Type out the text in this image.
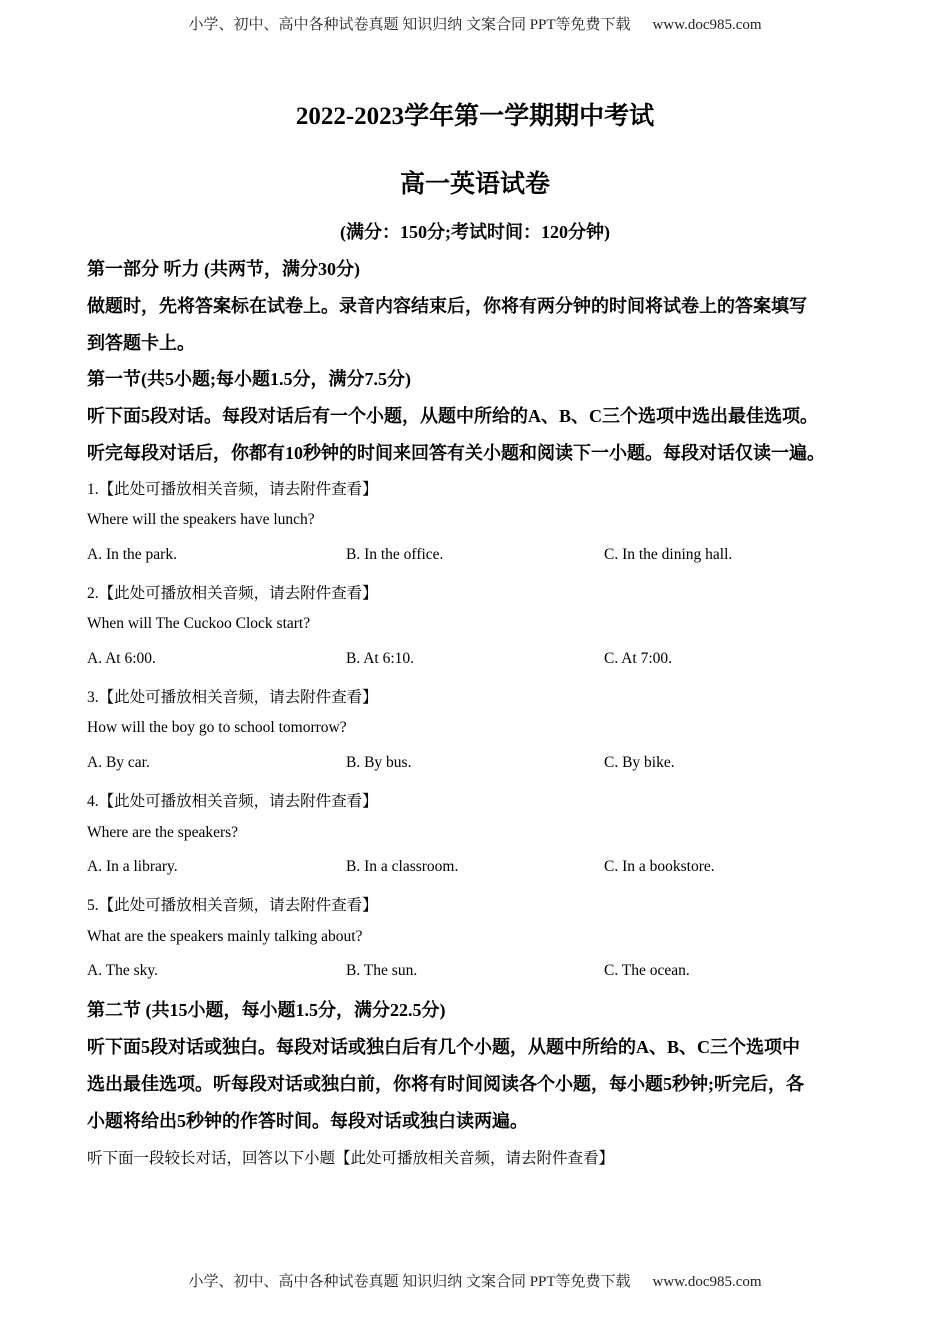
小学、初中、高中各种试卷真题 知识归纳 文案合同 PPT等免费下载 www.doc985.com
2022-2023学年第一学期期中考试
高一英语试卷
(满分：150分;考试时间：120分钟)
第一部分 听力 (共两节，满分30分)
做题时，先将答案标在试卷上。录音内容结束后，你将有两分钟的时间将试卷上的答案填写
到答题卡上。
第一节(共5小题;每小题1.5分，满分7.5分)
听下面5段对话。每段对话后有一个小题，从题中所给的A、B、C三个选项中选出最佳选项。
听完每段对话后，你都有10秒钟的时间来回答有关小题和阅读下一小题。每段对话仅读一遍。
1.【此处可播放相关音频，请去附件查看】
Where will the speakers have lunch?
A. In the park.	B. In the office.	C. In the dining hall.
2.【此处可播放相关音频，请去附件查看】
When will The Cuckoo Clock start?
A. At 6:00.	B. At 6:10.	C. At 7:00.
3.【此处可播放相关音频，请去附件查看】
How will the boy go to school tomorrow?
A. By car.	B. By bus.	C. By bike.
4.【此处可播放相关音频，请去附件查看】
Where are the speakers?
A. In a library.	B. In a classroom.	C. In a bookstore.
5.【此处可播放相关音频，请去附件查看】
What are the speakers mainly talking about?
A. The sky.	B. The sun.	C. The ocean.
第二节 (共15小题，每小题1.5分，满分22.5分)
听下面5段对话或独白。每段对话或独白后有几个小题，从题中所给的A、B、C三个选项中
选出最佳选项。听每段对话或独白前，你将有时间阅读各个小题，每小题5秒钟;听完后，各
小题将给出5秒钟的作答时间。每段对话或独白读两遍。
听下面一段较长对话，回答以下小题【此处可播放相关音频，请去附件查看】
小学、初中、高中各种试卷真题 知识归纳 文案合同 PPT等免费下载 www.doc985.com
